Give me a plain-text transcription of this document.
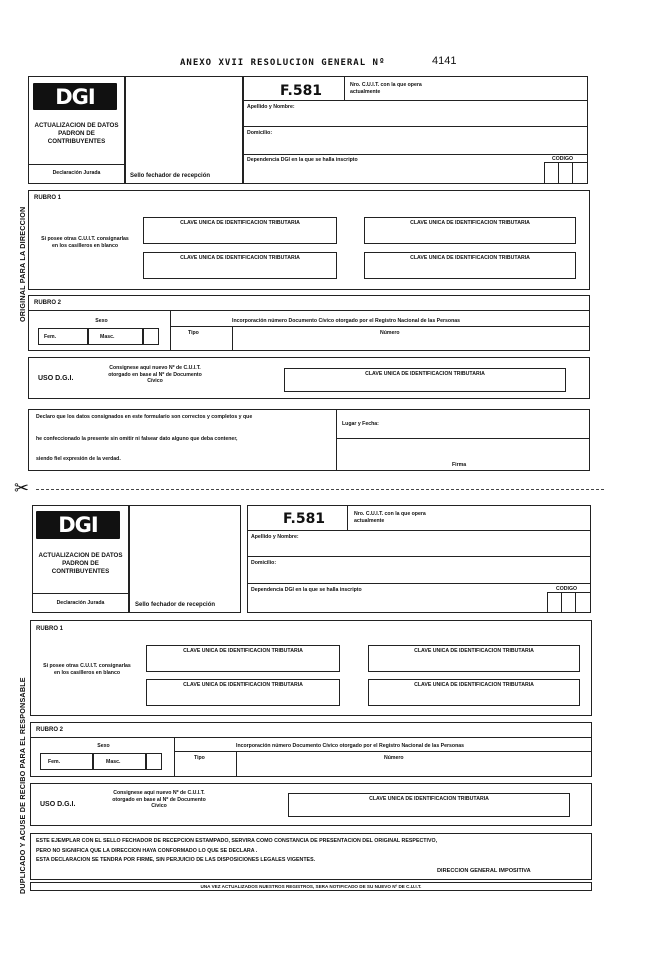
ANEXO XVII RESOLUCION GENERAL Nº	4141
ORIGINAL PARA LA DIRECCION
DUPLICADO Y ACUSE DE RECIBO PARA EL RESPONSABLE
DGI
ACTUALIZACION DE DATOS PADRON DE CONTRIBUYENTES
Declaración Jurada	Sello fechador de recepción
F.581	Nro. C.U.I.T. con la que opera actualmente
Apellido y Nombre:
Domicilio:
Dependencia DGI en la que se halla inscripto	CODIGO
RUBRO 1
Si posee otras C.U.I.T. consignarlas en los casilleros en blanco
CLAVE UNICA DE IDENTIFICACION TRIBUTARIA	CLAVE UNICA DE IDENTIFICACION TRIBUTARIA
CLAVE UNICA DE IDENTIFICACION TRIBUTARIA	CLAVE UNICA DE IDENTIFICACION TRIBUTARIA
RUBRO 2
Sexo
Fem.	Masc.
Incorporación número Documento Cívico otorgado por el Registro Nacional de las Personas
Tipo	Número
USO D.G.I.
Consignese aqui nuevo Nº de C.U.I.T. otorgado en base al Nº de Documento Cívico
CLAVE UNICA DE IDENTIFICACION TRIBUTARIA
Declaro que los datos consignados en este formulario son correctos y completos y que
he confeccionado la presente sin omitir ni falsear dato alguno que deba contener,
siendo fiel expresión de la verdad.
Lugar y Fecha:
Firma
✂
DGI
ACTUALIZACION DE DATOS PADRON DE CONTRIBUYENTES
Declaración Jurada	Sello fechador de recepción
F.581	Nro. C.U.I.T. con la que opera actualmente
Apellido y Nombre:
Domicilio:
Dependencia DGI en la que se halla inscripto	CODIGO
RUBRO 1
Si posee otras C.U.I.T. consignarlas en los casilleros en blanco
CLAVE UNICA DE IDENTIFICACION TRIBUTARIA	CLAVE UNICA DE IDENTIFICACION TRIBUTARIA
CLAVE UNICA DE IDENTIFICACION TRIBUTARIA	CLAVE UNICA DE IDENTIFICACION TRIBUTARIA
RUBRO 2
Sexo
Fem.	Masc.
Incorporación número Documento Cívico otorgado por el Registro Nacional de las Personas
Tipo	Número
USO D.G.I.
Consignese aqui nuevo Nº de C.U.I.T. otorgado en base al Nº de Documento Cívico
CLAVE UNICA DE IDENTIFICACION TRIBUTARIA
ESTE EJEMPLAR CON EL SELLO FECHADOR DE RECEPCION ESTAMPADO, SERVIRA COMO CONSTANCIA DE PRESENTACION DEL ORIGINAL RESPECTIVO,
PERO NO SIGNIFICA QUE LA DIRECCION HAYA CONFORMADO LO QUE SE DECLARA .
ESTA DECLARACION SE TENDRA POR FIRME, SIN PERJUICIO DE LAS DISPOSICIONES LEGALES VIGENTES.
DIRECCION GENERAL IMPOSITIVA
UNA VEZ ACTUALIZADOS NUESTROS REGISTROS, SERA NOTIFICADO DE SU NUEVO Nº DE C.U.I.T.
